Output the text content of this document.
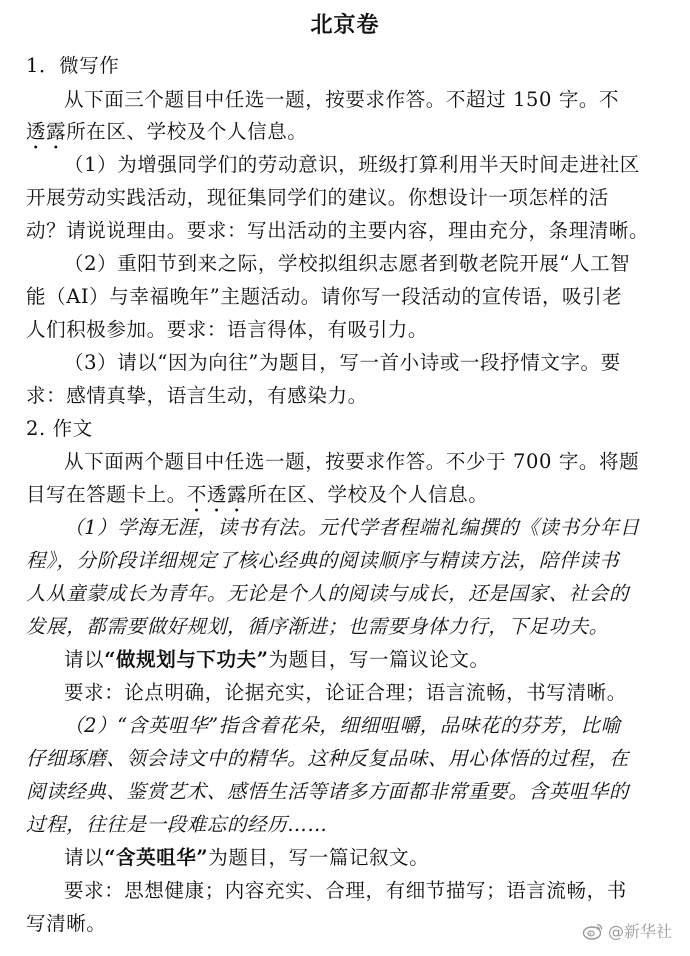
北京卷
1．微写作
从下面三个题目中任选一题，按要求作答。不超过 150 字。不
透露所在区、学校及个人信息。
（1）为增强同学们的劳动意识，班级打算利用半天时间走进社区
开展劳动实践活动，现征集同学们的建议。你想设计一项怎样的活
动？请说说理由。要求：写出活动的主要内容，理由充分，条理清晰。
（2）重阳节到来之际，学校拟组织志愿者到敬老院开展“人工智
能（AI）与幸福晚年”主题活动。请你写一段活动的宣传语，吸引老
人们积极参加。要求：语言得体，有吸引力。
（3）请以“因为向往”为题目，写一首小诗或一段抒情文字。要
求：感情真挚，语言生动，有感染力。
2. 作文
从下面两个题目中任选一题，按要求作答。不少于 700 字。将题
目写在答题卡上。不透露所在区、学校及个人信息。
（1）学海无涯，读书有法。元代学者程端礼编撰的《读书分年日
程》，分阶段详细规定了核心经典的阅读顺序与精读方法，陪伴读书
人从童蒙成长为青年。无论是个人的阅读与成长，还是国家、社会的
发展，都需要做好规划，循序渐进；也需要身体力行，下足功夫。
请以“做规划与下功夫”为题目，写一篇议论文。
要求：论点明确，论据充实，论证合理；语言流畅，书写清晰。
（2）“含英咀华”指含着花朵，细细咀嚼，品味花的芬芳，比喻
仔细琢磨、领会诗文中的精华。这种反复品味、用心体悟的过程，在
阅读经典、鉴赏艺术、感悟生活等诸多方面都非常重要。含英咀华的
过程，往往是一段难忘的经历……
请以“含英咀华”为题目，写一篇记叙文。
要求：思想健康；内容充实、合理，有细节描写；语言流畅，书
写清晰。	@新华社
